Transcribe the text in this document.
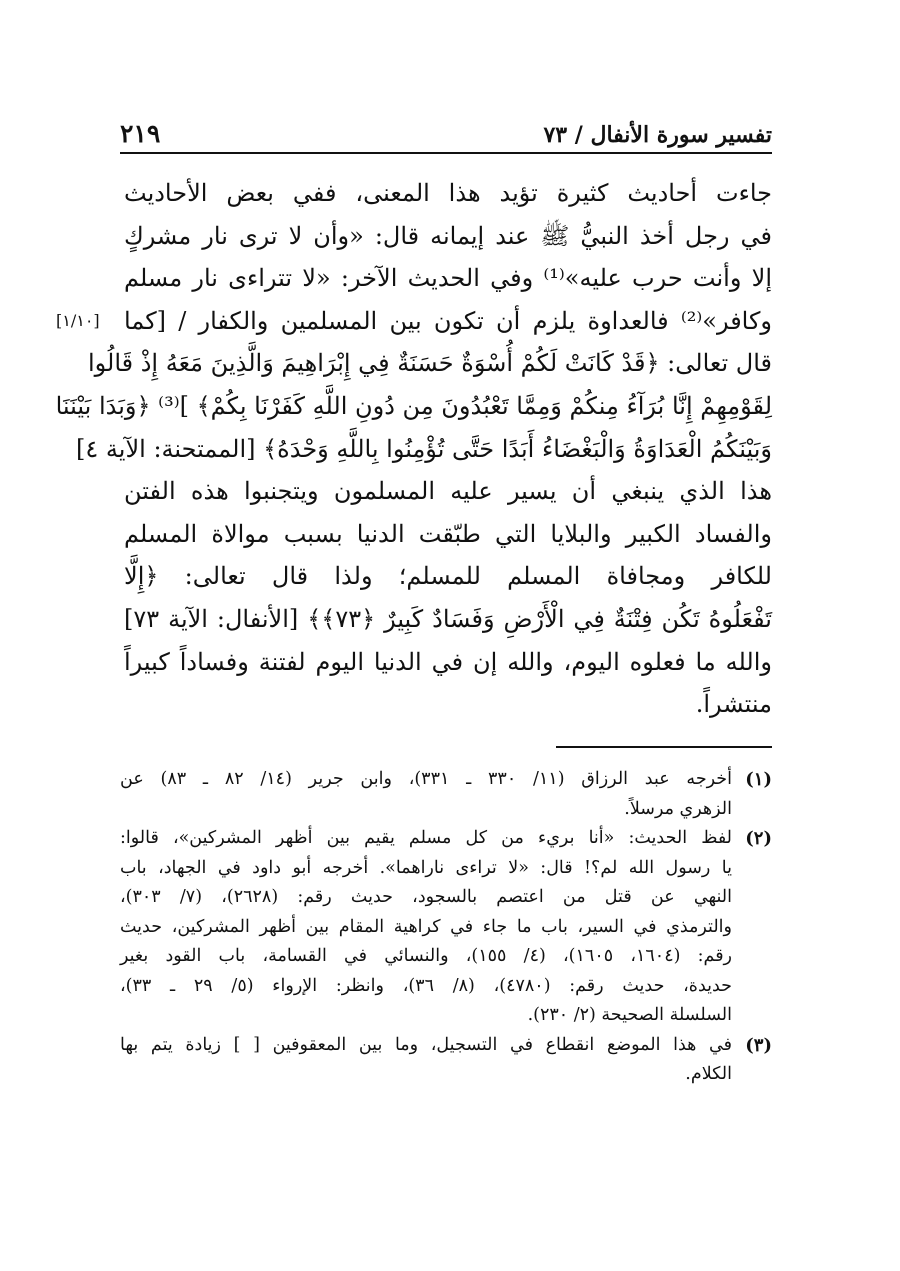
تفسير سورة الأنفال / ٧٣
٢١٩
[١/١٠]
جاءت أحاديث كثيرة تؤيد هذا المعنى، ففي بعض الأحاديث
في رجل أخذ النبيُّ ﷺ عند إيمانه قال: «وأن لا ترى نار مشركٍ
إلا وأنت حرب عليه»⁽¹⁾ وفي الحديث الآخر: «لا تتراءى نار مسلم
وكافر»⁽²⁾ فالعداوة يلزم أن تكون بين المسلمين والكفار / [كما
قال تعالى: ﴿قَدْ كَانَتْ لَكُمْ أُسْوَةٌ حَسَنَةٌ فِي إِبْرَاهِيمَ وَالَّذِينَ مَعَهُ إِذْ قَالُوا
لِقَوْمِهِمْ إِنَّا بُرَآءُ مِنكُمْ وَمِمَّا تَعْبُدُونَ مِن دُونِ اللَّهِ كَفَرْنَا بِكُمْ﴾ ]⁽³⁾ ﴿وَبَدَا بَيْنَنَا
وَبَيْنَكُمُ الْعَدَاوَةُ وَالْبَغْضَاءُ أَبَدًا حَتَّى تُؤْمِنُوا بِاللَّهِ وَحْدَهُ﴾ [الممتحنة: الآية ٤]
هذا الذي ينبغي أن يسير عليه المسلمون ويتجنبوا هذه الفتن
والفساد الكبير والبلايا التي طبّقت الدنيا بسبب موالاة المسلم
للكافر ومجافاة المسلم للمسلم؛ ولذا قال تعالى: ﴿إِلَّا
تَفْعَلُوهُ تَكُن فِتْنَةٌ فِي الْأَرْضِ وَفَسَادٌ كَبِيرٌ ﴿٧٣﴾﴾ [الأنفال: الآية ٧٣]
والله ما فعلوه اليوم، والله إن في الدنيا اليوم لفتنة وفساداً كبيراً
منتشراً.
(١)
أخرجه عبد الرزاق (١١/ ٣٣٠ ـ ٣٣١)، وابن جرير (١٤/ ٨٢ ـ ٨٣) عن
الزهري مرسلاً.
(٢)
لفظ الحديث: «أنا بريء من كل مسلم يقيم بين أظهر المشركين»، قالوا:
يا رسول الله لم؟! قال: «لا تراءى ناراهما». أخرجه أبو داود في الجهاد، باب
النهي عن قتل من اعتصم بالسجود، حديث رقم: (٢٦٢٨)، (٧/ ٣٠٣)،
والترمذي في السير، باب ما جاء في كراهية المقام بين أظهر المشركين، حديث
رقم: (١٦٠٤، ١٦٠٥)، (٤/ ١٥٥)، والنسائي في القسامة، باب القود بغير
حديدة، حديث رقم: (٤٧٨٠)، (٨/ ٣٦)، وانظر: الإرواء (٥/ ٢٩ ـ ٣٣)،
السلسلة الصحيحة (٢/ ٢٣٠).
(٣)
في هذا الموضع انقطاع في التسجيل، وما بين المعقوفين [ ] زيادة يتم بها
الكلام.
